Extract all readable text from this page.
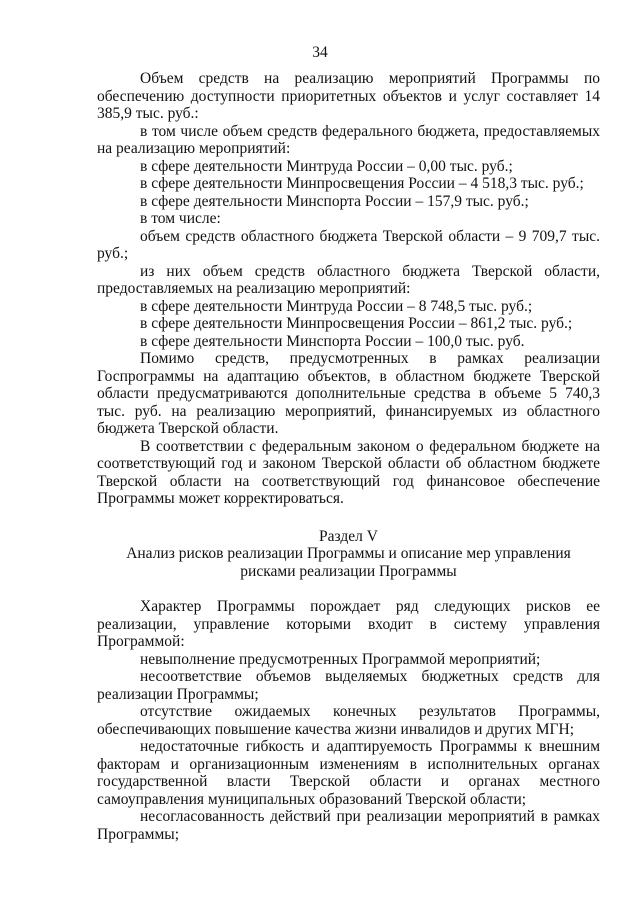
34

Объем средств на реализацию мероприятий Программы по обеспечению доступности приоритетных объектов и услуг составляет 14 385,9 тыс. руб.:

в том числе объем средств федерального бюджета, предоставляемых на реализацию мероприятий:

в сфере деятельности Минтруда России – 0,00 тыс. руб.;

в сфере деятельности Минпросвещения России – 4 518,3 тыс. руб.;

в сфере деятельности Минспорта России – 157,9 тыс. руб.;

в том числе:

объем средств областного бюджета Тверской области – 9 709,7 тыс. руб.;

из них объем средств областного бюджета Тверской области, предоставляемых на реализацию мероприятий:

в сфере деятельности Минтруда России – 8 748,5 тыс. руб.;

в сфере деятельности Минпросвещения России – 861,2 тыс. руб.;

в сфере деятельности Минспорта России – 100,0 тыс. руб.

Помимо средств, предусмотренных в рамках реализации Госпрограммы на адаптацию объектов, в областном бюджете Тверской области предусматриваются дополнительные средства в объеме 5 740,3 тыс. руб. на реализацию мероприятий, финансируемых из областного бюджета Тверской области.

В соответствии с федеральным законом о федеральном бюджете на соответствующий год и законом Тверской области об областном бюджете Тверской области на соответствующий год финансовое обеспечение Программы может корректироваться.

Раздел V

Анализ рисков реализации Программы и описание мер управления

рисками реализации Программы

Характер Программы порождает ряд следующих рисков ее реализации, управление которыми входит в систему управления Программой:

невыполнение предусмотренных Программой мероприятий;

несоответствие объемов выделяемых бюджетных средств для реализации Программы;

отсутствие ожидаемых конечных результатов Программы, обеспечивающих повышение качества жизни инвалидов и других МГН;

недостаточные гибкость и адаптируемость Программы к внешним факторам и организационным изменениям в исполнительных органах государственной власти Тверской области и органах местного самоуправления муниципальных образований Тверской области;

несогласованность действий при реализации мероприятий в рамках Программы;
